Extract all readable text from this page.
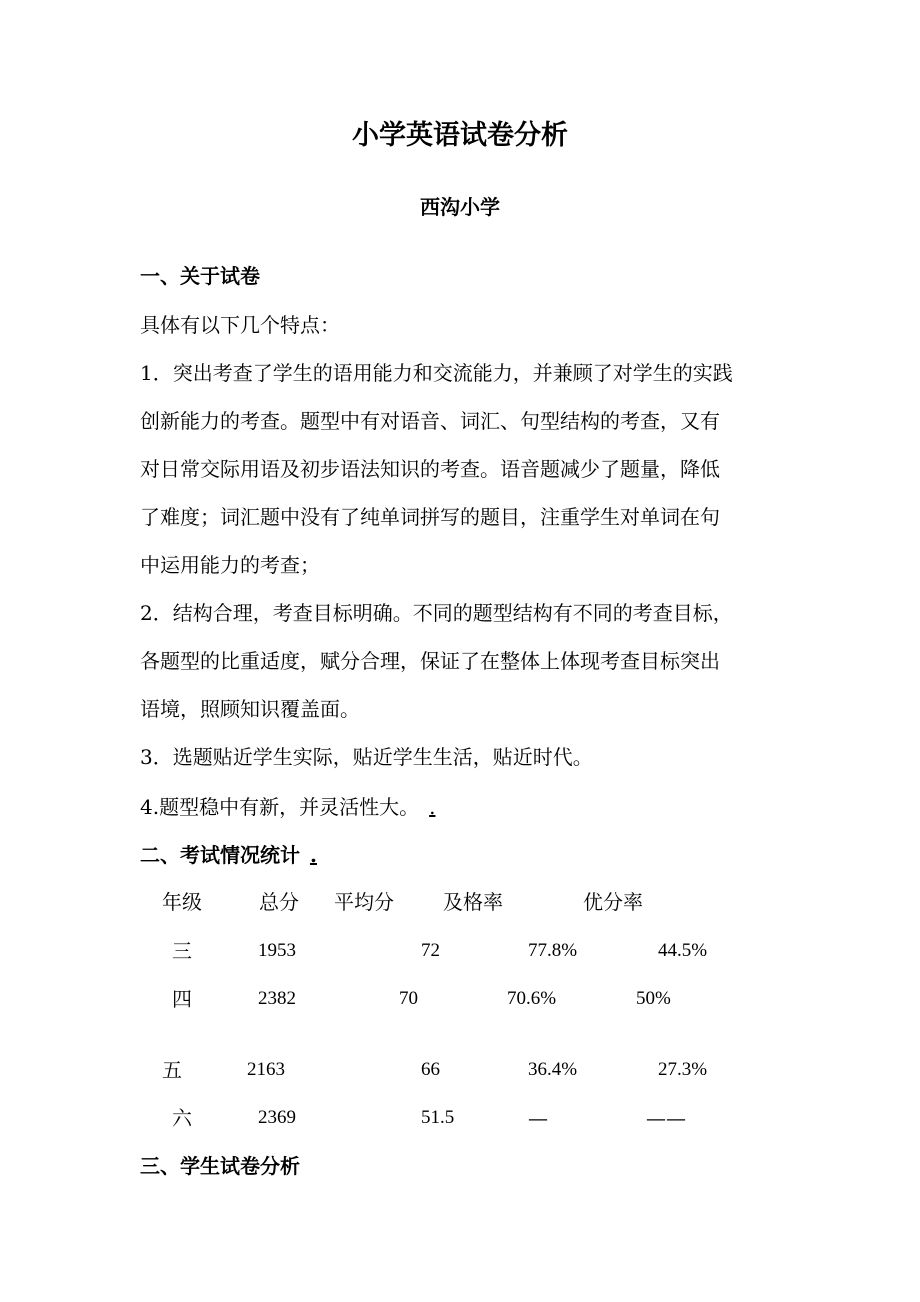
小学英语试卷分析
西沟小学
一、关于试卷
具体有以下几个特点：
1．突出考查了学生的语用能力和交流能力，并兼顾了对学生的实践
创新能力的考查。题型中有对语音、词汇、句型结构的考查，又有
对日常交际用语及初步语法知识的考查。语音题减少了题量，降低
了难度；词汇题中没有了纯单词拼写的题目，注重学生对单词在句
中运用能力的考查；
2．结构合理，考查目标明确。不同的题型结构有不同的考查目标，
各题型的比重适度，赋分合理，保证了在整体上体现考查目标突出
语境，照顾知识覆盖面。
3．选题贴近学生实际，贴近学生生活，贴近时代。
4.题型稳中有新，并灵活性大。 .
二、考试情况统计 .
年级	总分 平均分 及格率	优分率
三	1953	72	77.8%	44.5%
四	2382	70	70.6%	50%
五	2163	66	36.4%	27.3%
六	2369	51.5	—	——
三、学生试卷分析
